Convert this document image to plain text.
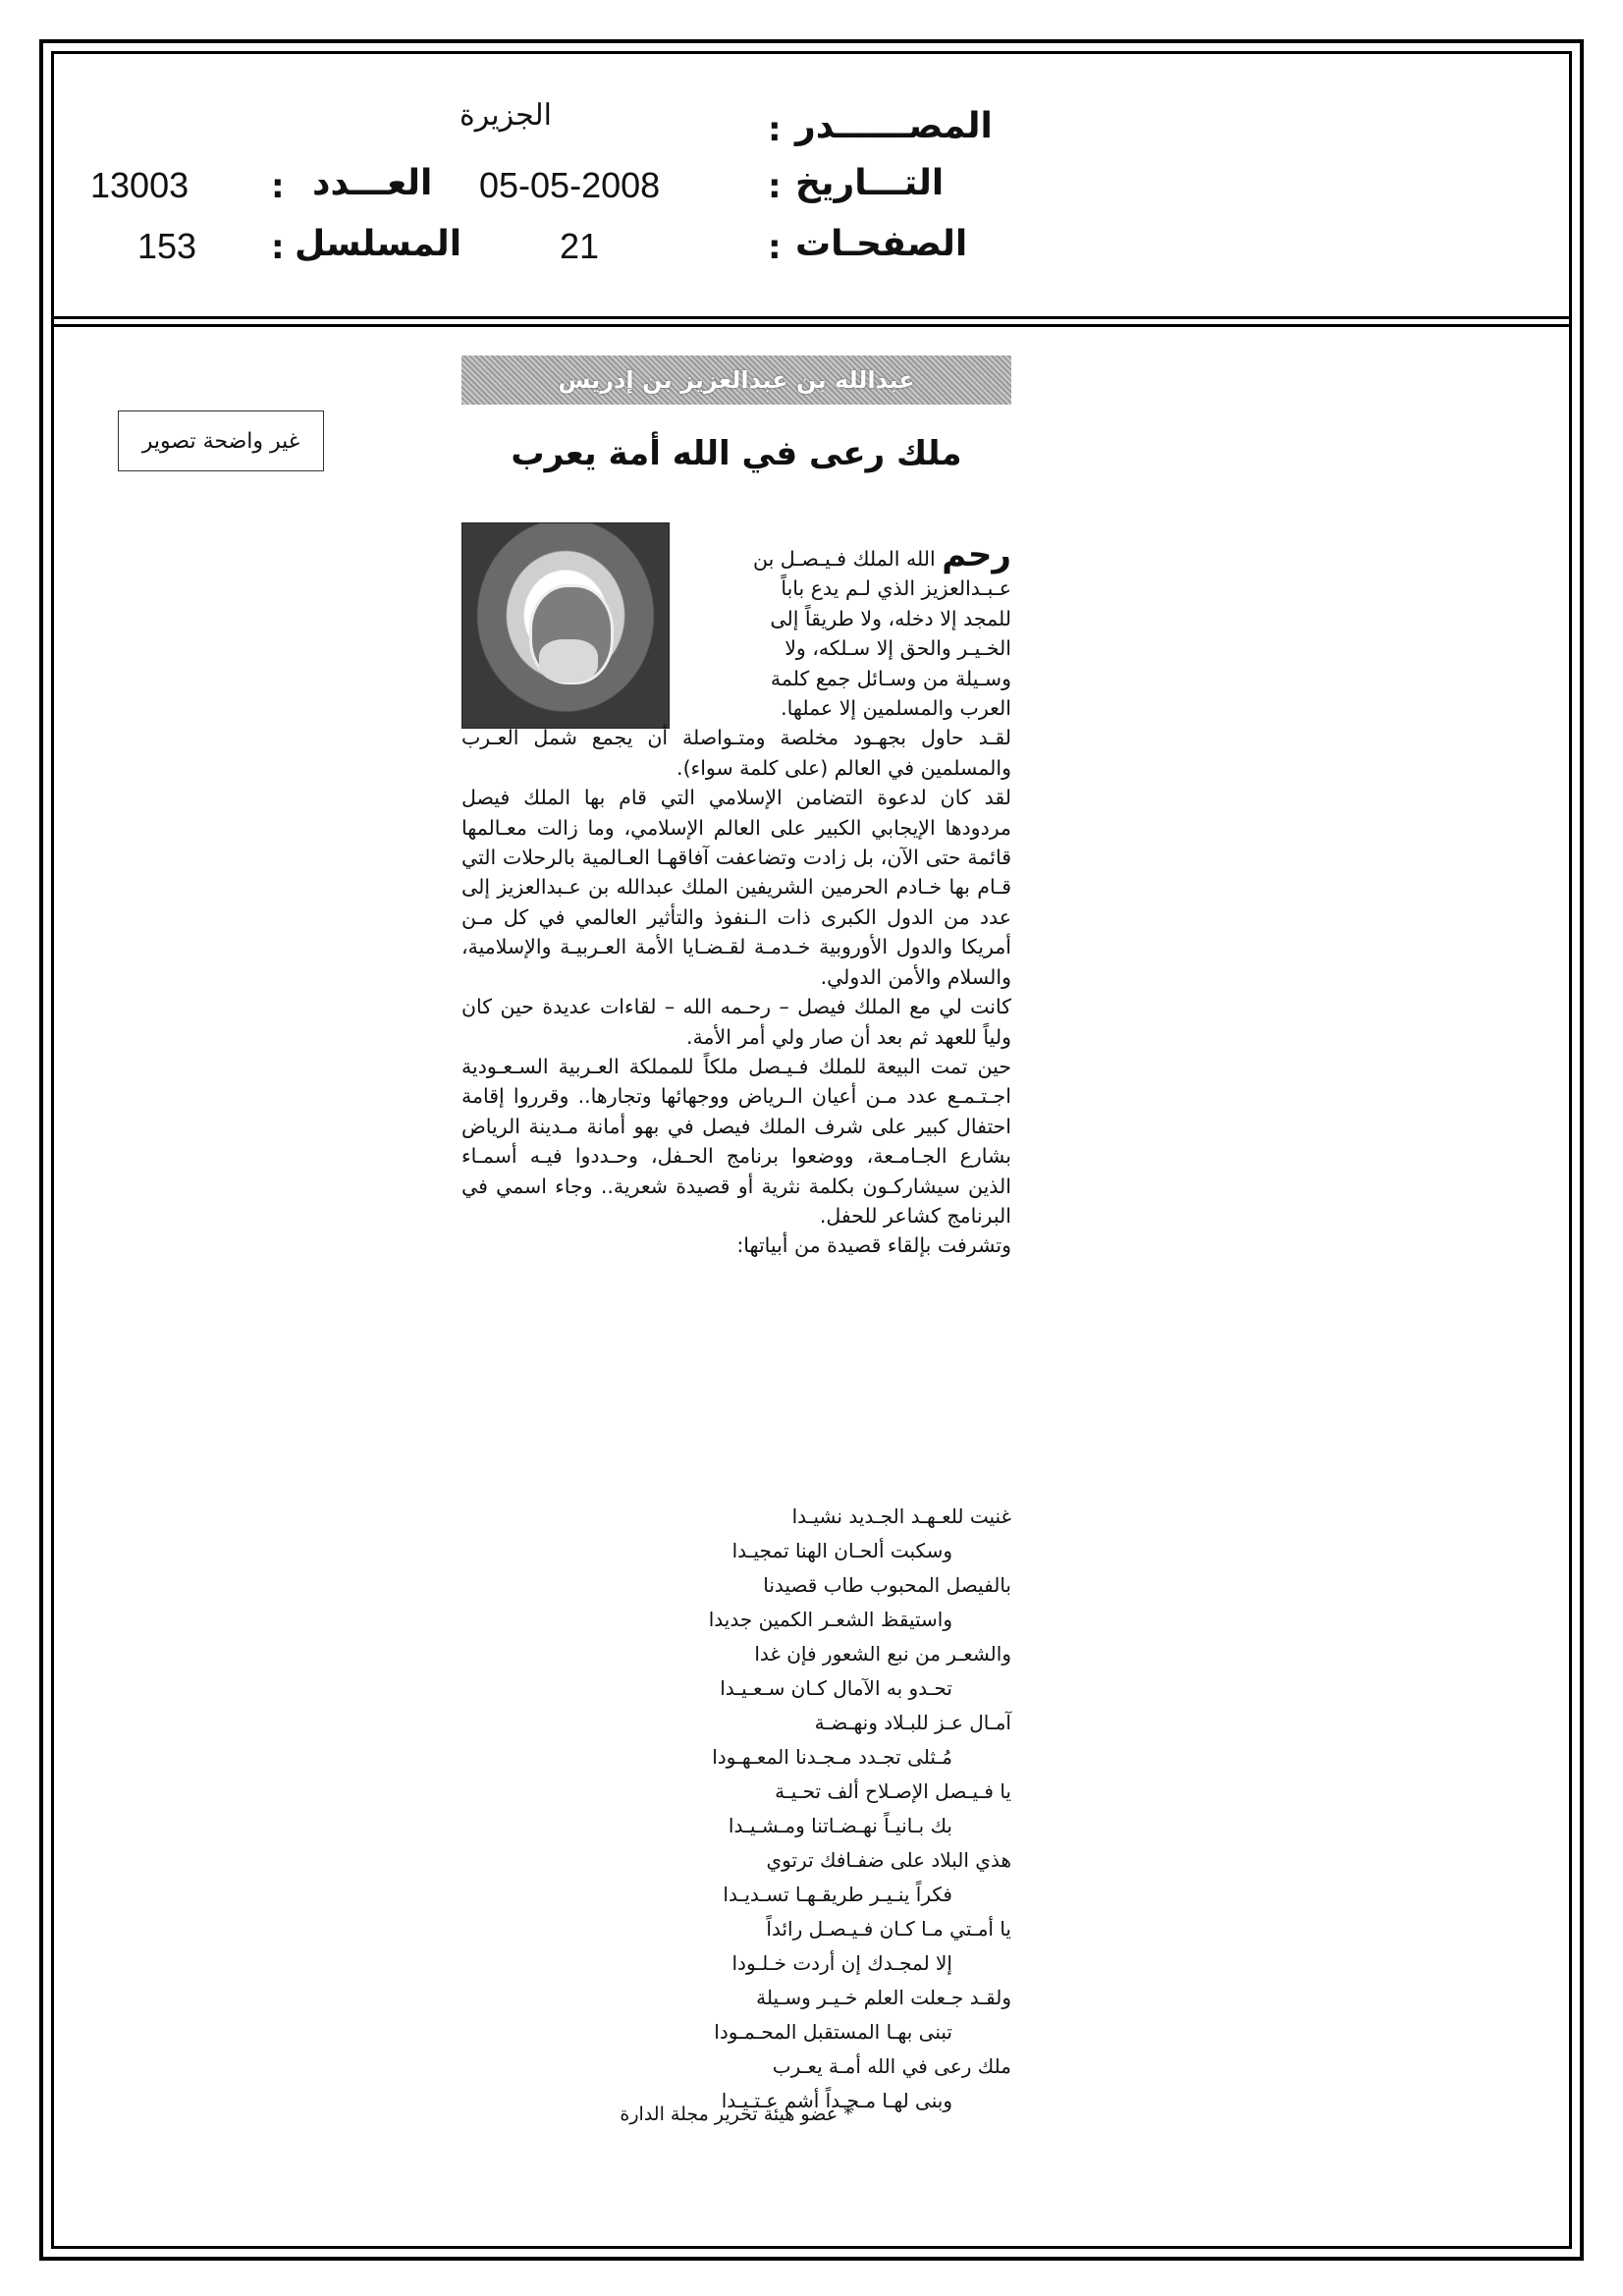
الجزيرة	: المصــــــدر
13003 : العـــدد 05-05-2008	: التـــاريخ
153 : المسلسل	21	: الصفحـات
غير واضحة تصوير
عبدالله بن عبدالعزيز بن إدريس
ملك رعى في الله أمة يعرب
رحم الله الملك فـيـصـل بن
عـبـدالعزيز الذي لـم يدع باباً
للمجد إلا دخله، ولا طريقاً إلى
الخـيـر والحق إلا سـلكه، ولا
وسـيلة من وسـائل جمع كلمة
العرب والمسلمين إلا عملها.

لقـد حاول بجهـود مخلصة ومتـواصلة أن يجمع شمل العـرب والمسلمين في العالم (على كلمة سواء).

لقد كان لدعوة التضامن الإسلامي التي قام بها الملك فيصل مردودها الإيجابي الكبير على العالم الإسلامي، وما زالت معـالمها قائمة حتى الآن، بل زادت وتضاعفت آفاقهـا العـالمية بالرحلات التي قـام بها خـادم الحرمين الشريفين الملك عبدالله بن عـبدالعزيز إلى عدد من الدول الكبرى ذات الـنفوذ والتأثير العالمي في كل مـن أمريكا والدول الأوروبية خـدمـة لقـضـايا الأمة العـربيـة والإسلامية، والسلام والأمن الدولي.

كانت لي مع الملك فيصل – رحـمه الله – لقاءات عديدة حين كان ولياً للعهد ثم بعد أن صار ولي أمر الأمة.

حين تمت البيعة للملك فـيـصل ملكاً للمملكة العـربية السـعـودية اجـتـمـع عدد مـن أعيان الـرياض ووجهائها وتجارها.. وقرروا إقامة احتفال كبير على شرف الملك فيصل في بهو أمانة مـدينة الرياض بشارع الجـامـعة، ووضعوا برنامج الحـفل، وحـددوا فيـه أسمـاء الذين سيشاركـون بكلمة نثرية أو قصيدة شعرية.. وجاء اسمي في البرنامج كشاعر للحفل.

وتشرفت بإلقاء قصيدة من أبياتها:

غنيت للعـهـد الجـديد نشيـدا
وسكبت ألحـان الهنا تمجيـدا
بالفيصل المحبوب طاب قصيدنا
واستيقظ الشعـر الكمين جديدا
والشعـر من نبع الشعور فإن غدا
تحـدو به الآمال كـان سـعـيـدا
آمـال عـز للبـلاد ونهـضـة
مُـثلى تجـدد مـجـدنا المعـهـودا
يا فـيـصل الإصـلاح ألف تحـيـة
بك بـانيـاً نهـضـاتنا ومـشـيـدا
هذي البلاد على ضفـافك ترتوي
فكراً ينـيـر طريقـهـا تسـديـدا
يا أمـتي مـا كـان فـيـصـل رائداً
إلا لمجـدك إن أردت خـلـودا
ولقـد جـعلت العلم خـيـر وسـيلة
تبنى بهـا المستقبل المحـمـودا
ملك رعى في الله أمـة يعـرب
وبنى لهـا مـجـداً أشم عـتـيـدا
* عضو هيئة تحرير مجلة الدارة
